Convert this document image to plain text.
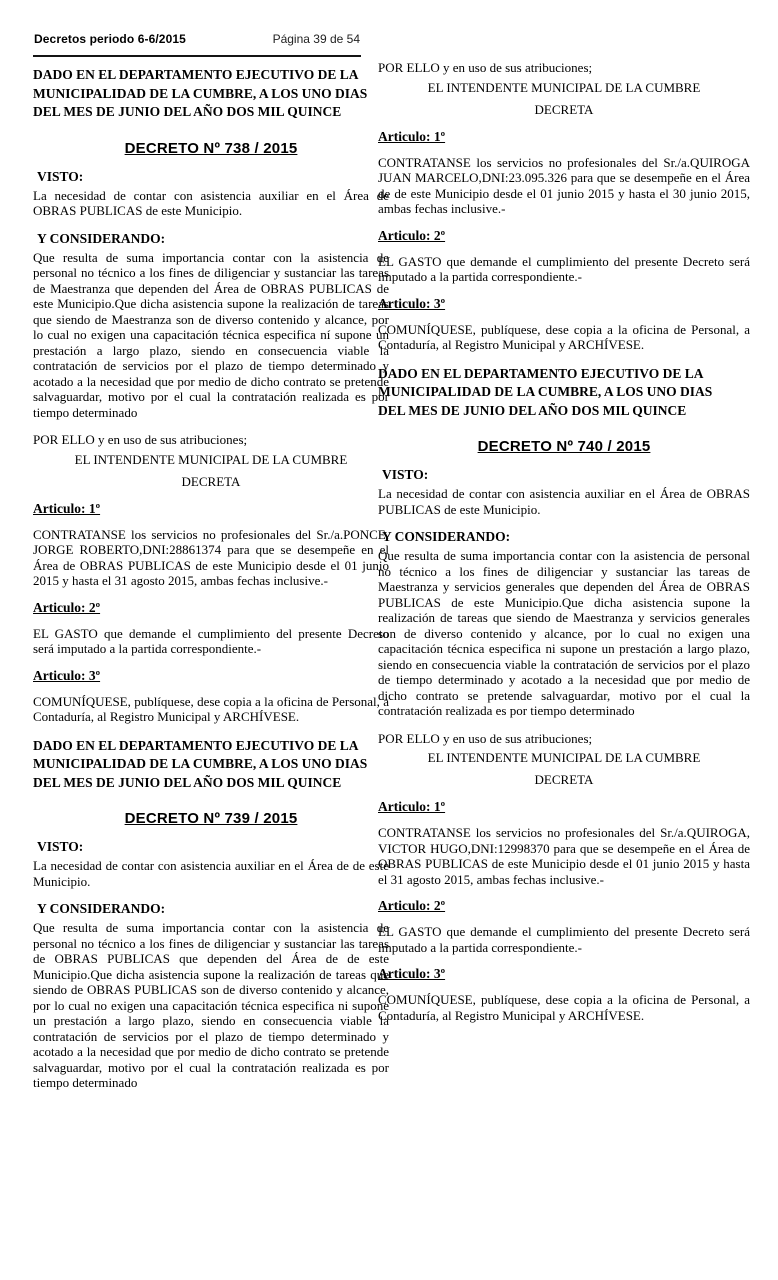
Decretos periodo 6-6/2015	Página 39 de 54
DADO EN EL DEPARTAMENTO EJECUTIVO DE LA MUNICIPALIDAD DE LA CUMBRE, A LOS UNO DIAS DEL MES DE JUNIO DEL AÑO DOS MIL QUINCE
DECRETO Nº 738 / 2015
VISTO:
La necesidad de contar con asistencia auxiliar en el Área de OBRAS PUBLICAS de este Municipio.
Y CONSIDERANDO:
Que resulta de suma importancia contar con la asistencia de personal no técnico a los fines de diligenciar y sustanciar las tareas de Maestranza que dependen del Área de OBRAS PUBLICAS de este Municipio.Que dicha asistencia supone la realización de tareas que siendo de Maestranza son de diverso contenido y alcance, por lo cual no exigen una capacitación técnica especifica ní supone un prestación a largo plazo, siendo en consecuencia viable la contratación de servicios por el plazo de tiempo determinado y acotado a la necesidad que por medio de dicho contrato se pretende salvaguardar, motivo por el cual la contratación realizada es por tiempo determinado
POR ELLO y en uso de sus atribuciones;
EL INTENDENTE MUNICIPAL DE LA CUMBRE
DECRETA
Articulo: 1º
CONTRATANSE los servicios no profesionales del Sr./a.PONCE, JORGE ROBERTO,DNI:28861374 para que se desempeñe en el Área de OBRAS PUBLICAS de este Municipio desde el 01 junio 2015 y hasta el 31 agosto 2015, ambas fechas inclusive.-
Articulo: 2º
EL GASTO que demande el cumplimiento del presente Decreto será imputado a la partida correspondiente.-
Articulo: 3º
COMUNÍQUESE, publíquese, dese copia a la oficina de Personal, a Contaduría, al Registro Municipal y ARCHÍVESE.
DADO EN EL DEPARTAMENTO EJECUTIVO DE LA MUNICIPALIDAD DE LA CUMBRE, A LOS UNO DIAS DEL MES DE JUNIO DEL AÑO DOS MIL QUINCE
DECRETO Nº 739 / 2015
VISTO:
La necesidad de contar con asistencia auxiliar en el Área de de este Municipio.
Y CONSIDERANDO:
Que resulta de suma importancia contar con la asistencia de personal no técnico a los fines de diligenciar y sustanciar las tareas de OBRAS PUBLICAS que dependen del Área de de este Municipio.Que dicha asistencia supone la realización de tareas que siendo de OBRAS PUBLICAS son de diverso contenido y alcance, por lo cual no exigen una capacitación técnica especifica ni supone un prestación a largo plazo, siendo en consecuencia viable la contratación de servicios por el plazo de tiempo determinado y acotado a la necesidad que por medio de dicho contrato se pretende salvaguardar, motivo por el cual la contratación realizada es por tiempo determinado
POR ELLO y en uso de sus atribuciones;
EL INTENDENTE MUNICIPAL DE LA CUMBRE
DECRETA
Articulo: 1º
CONTRATANSE los servicios no profesionales del Sr./a.QUIROGA JUAN MARCELO,DNI:23.095.326 para que se desempeñe en el Área de de este Municipio desde el 01 junio 2015 y hasta el 30 junio 2015, ambas fechas inclusive.-
Articulo: 2º
EL GASTO que demande el cumplimiento del presente Decreto será imputado a la partida correspondiente.-
Articulo: 3º
COMUNÍQUESE, publíquese, dese copia a la oficina de Personal, a Contaduría, al Registro Municipal y ARCHÍVESE.
DADO EN EL DEPARTAMENTO EJECUTIVO DE LA MUNICIPALIDAD DE LA CUMBRE, A LOS UNO DIAS DEL MES DE JUNIO DEL AÑO DOS MIL QUINCE
DECRETO Nº 740 / 2015
VISTO:
La necesidad de contar con asistencia auxiliar en el Área de OBRAS PUBLICAS de este Municipio.
Y CONSIDERANDO:
Que resulta de suma importancia contar con la asistencia de personal no técnico a los fines de diligenciar y sustanciar las tareas de Maestranza y servicios generales que dependen del Área de OBRAS PUBLICAS de este Municipio.Que dicha asistencia supone la realización de tareas que siendo de Maestranza y servicios generales son de diverso contenido y alcance, por lo cual no exigen una capacitación técnica especifica ni supone un prestación a largo plazo, siendo en consecuencia viable la contratación de servicios por el plazo de tiempo determinado y acotado a la necesidad que por medio de dicho contrato se pretende salvaguardar, motivo por el cual la contratación realizada es por tiempo determinado
POR ELLO y en uso de sus atribuciones;
EL INTENDENTE MUNICIPAL DE LA CUMBRE
DECRETA
Articulo: 1º
CONTRATANSE los servicios no profesionales del Sr./a.QUIROGA, VICTOR HUGO,DNI:12998370 para que se desempeñe en el Área de OBRAS PUBLICAS de este Municipio desde el 01 junio 2015 y hasta el 31 agosto 2015, ambas fechas inclusive.-
Articulo: 2º
EL GASTO que demande el cumplimiento del presente Decreto será imputado a la partida correspondiente.-
Articulo: 3º
COMUNÍQUESE, publíquese, dese copia a la oficina de Personal, a Contaduría, al Registro Municipal y ARCHÍVESE.
